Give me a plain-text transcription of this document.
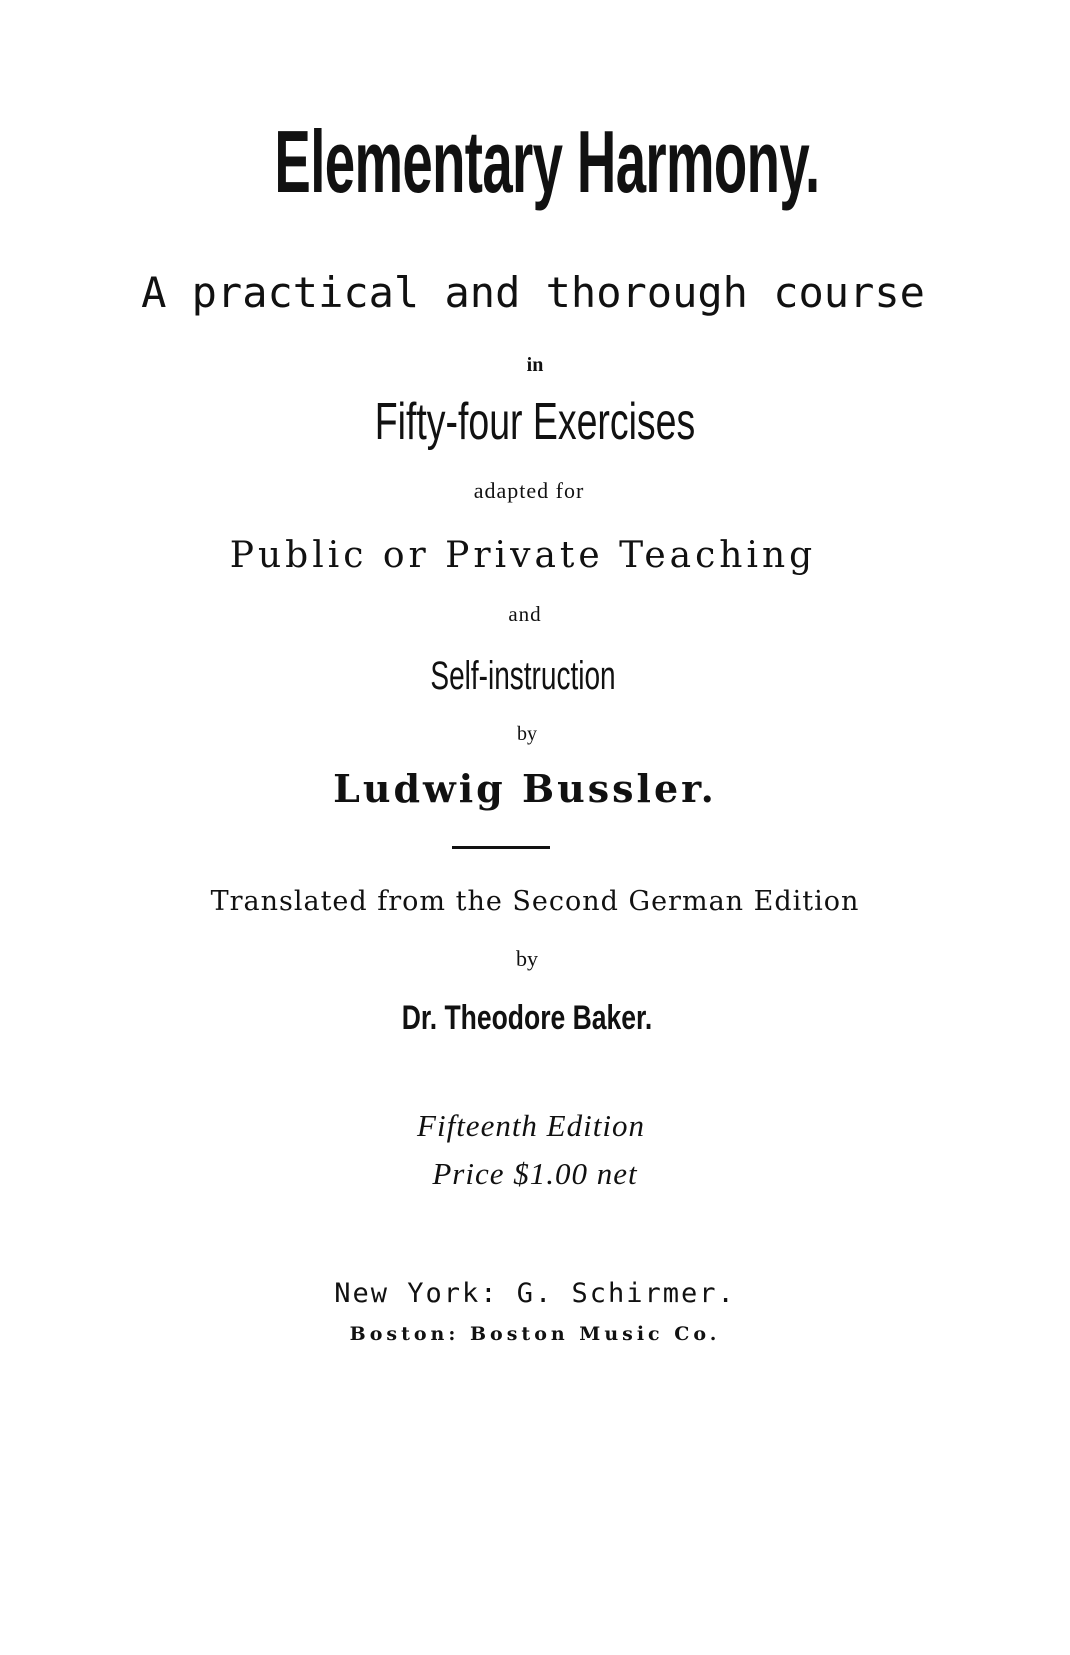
Elementary Harmony.
A practical and thorough course
in
Fifty-four Exercises
adapted for
Public or Private Teaching
and
Self-instruction
by
Ludwig Bussler.
Translated from the Second German Edition
by
Dr. Theodore Baker.
Fifteenth Edition
Price $1.00 net
New York: G. Schirmer.
Boston: Boston Music Co.
